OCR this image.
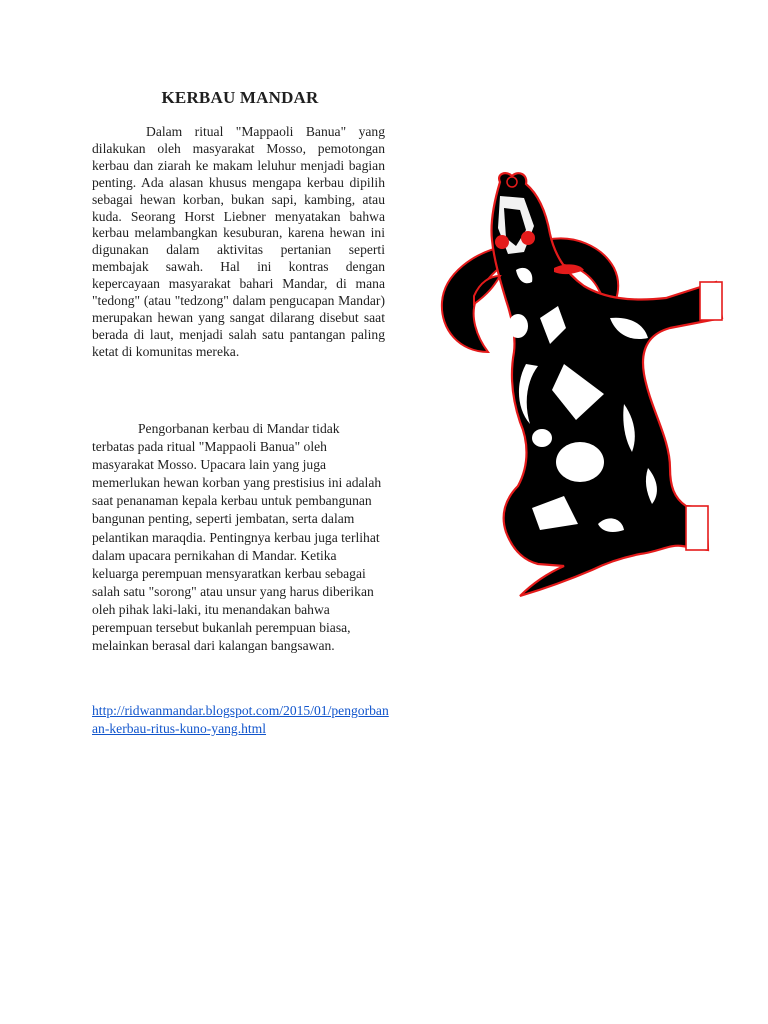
KERBAU MANDAR

Dalam ritual "Mappaoli Banua" yang dilakukan oleh masyarakat Mosso, pemotongan kerbau dan ziarah ke makam leluhur menjadi bagian penting. Ada alasan khusus mengapa kerbau dipilih sebagai hewan korban, bukan sapi, kambing, atau kuda. Seorang Horst Liebner menyatakan bahwa kerbau melambangkan kesuburan, karena hewan ini digunakan dalam aktivitas pertanian seperti membajak sawah. Hal ini kontras dengan kepercayaan masyarakat bahari Mandar, di mana "tedong" (atau "tedzong" dalam pengucapan Mandar) merupakan hewan yang sangat dilarang disebut saat berada di laut, menjadi salah satu pantangan paling ketat di komunitas mereka.

Pengorbanan kerbau di Mandar tidak terbatas pada ritual "Mappaoli Banua" oleh masyarakat Mosso. Upacara lain yang juga memerlukan hewan korban yang prestisius ini adalah saat penanaman kepala kerbau untuk pembangunan bangunan penting, seperti jembatan, serta dalam pelantikan maraqdia. Pentingnya kerbau juga terlihat dalam upacara pernikahan di Mandar. Ketika keluarga perempuan mensyaratkan kerbau sebagai salah satu "sorong" atau unsur yang harus diberikan oleh pihak laki-laki, itu menandakan bahwa perempuan tersebut bukanlah perempuan biasa, melainkan berasal dari kalangan bangsawan.

http://ridwanmandar.blogspot.com/2015/01/pengorbanan-kerbau-ritus-kuno-yang.html
